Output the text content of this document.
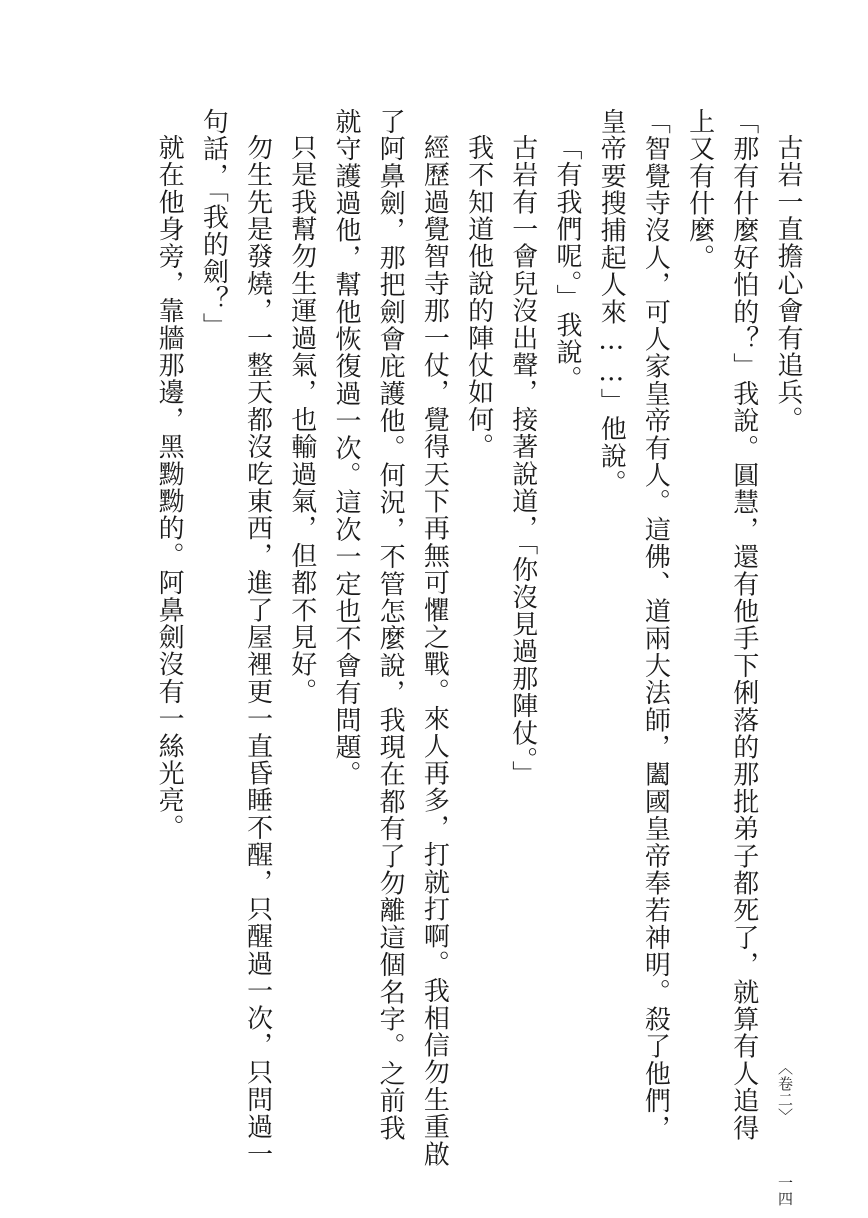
古岩一直擔心會有追兵。

「那有什麼好怕的？」我說。圓慧，還有他手下俐落的那批弟子都死了，就算有人追得上又有什麼。

「智覺寺沒人，可人家皇帝有人。這佛、道兩大法師，闔國皇帝奉若神明。殺了他們，皇帝要搜捕起人來……」他說。

「有我們呢。」我說。

古岩有一會兒沒出聲，接著說道，「你沒見過那陣仗。」

我不知道他說的陣仗如何。

經歷過覺智寺那一仗，覺得天下再無可懼之戰。來人再多，打就打啊。我相信勿生重啟了阿鼻劍，那把劍會庇護他。何況，不管怎麼說，我現在都有了勿離這個名字。之前我就守護過他，幫他恢復過一次。這次一定也不會有問題。

只是我幫勿生運過氣，也輸過氣，但都不見好。

勿生先是發燒，一整天都沒吃東西，進了屋裡更一直昏睡不醒，只醒過一次，只問過一句話，「我的劍？」

就在他身旁，靠牆那邊，黑黝黝的。阿鼻劍沒有一絲光亮。

〈卷二〉 一四
